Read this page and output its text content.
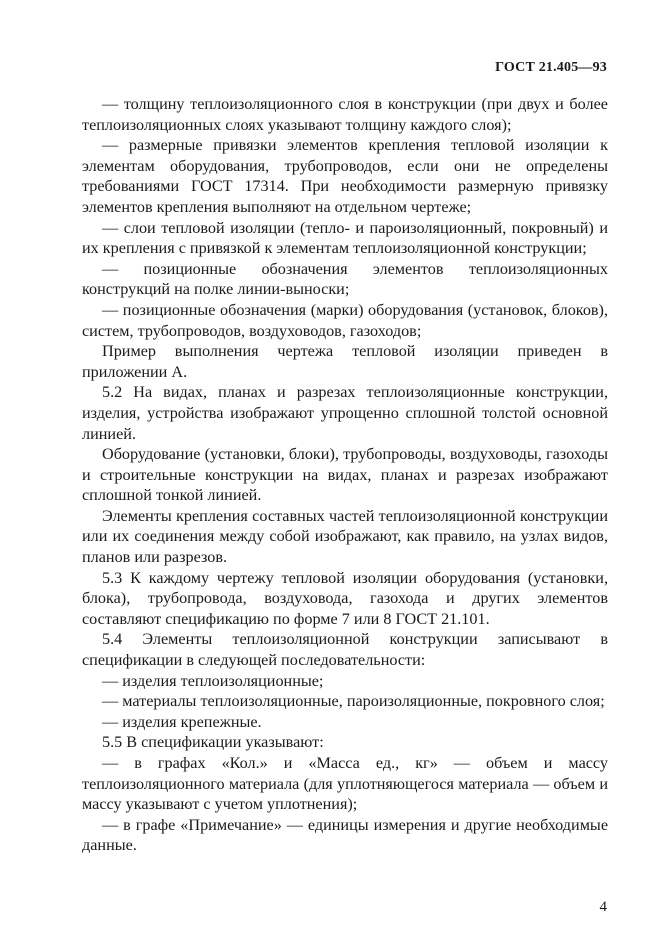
ГОСТ 21.405—93

— толщину теплоизоляционного слоя в конструкции (при двух и более теплоизоляционных слоях указывают толщину каждого слоя);

— размерные привязки элементов крепления тепловой изоляции к элементам оборудования, трубопроводов, если они не определены требованиями ГОСТ 17314. При необходимости размерную привязку элементов крепления выполняют на отдельном чертеже;

— слои тепловой изоляции (тепло- и пароизоляционный, покровный) и их крепления с привязкой к элементам теплоизоляционной конструкции;

— позиционные обозначения элементов теплоизоляционных конструкций на полке линии-выноски;

— позиционные обозначения (марки) оборудования (установок, блоков), систем, трубопроводов, воздуховодов, газоходов;

Пример выполнения чертежа тепловой изоляции приведен в приложении А.

5.2 На видах, планах и разрезах теплоизоляционные конструкции, изделия, устройства изображают упрощенно сплошной толстой основной линией.

Оборудование (установки, блоки), трубопроводы, воздуховоды, газоходы и строительные конструкции на видах, планах и разрезах изображают сплошной тонкой линией.

Элементы крепления составных частей теплоизоляционной конструкции или их соединения между собой изображают, как правило, на узлах видов, планов или разрезов.

5.3 К каждому чертежу тепловой изоляции оборудования (установки, блока), трубопровода, воздуховода, газохода и других элементов составляют спецификацию по форме 7 или 8 ГОСТ 21.101.

5.4 Элементы теплоизоляционной конструкции записывают в спецификации в следующей последовательности:

— изделия теплоизоляционные;

— материалы теплоизоляционные, пароизоляционные, покровного слоя;

— изделия крепежные.

5.5 В спецификации указывают:

— в графах «Кол.» и «Масса ед., кг» — объем и массу теплоизоляционного материала (для уплотняющегося материала — объем и массу указывают с учетом уплотнения);

— в графе «Примечание» — единицы измерения и другие необходимые данные.

4
